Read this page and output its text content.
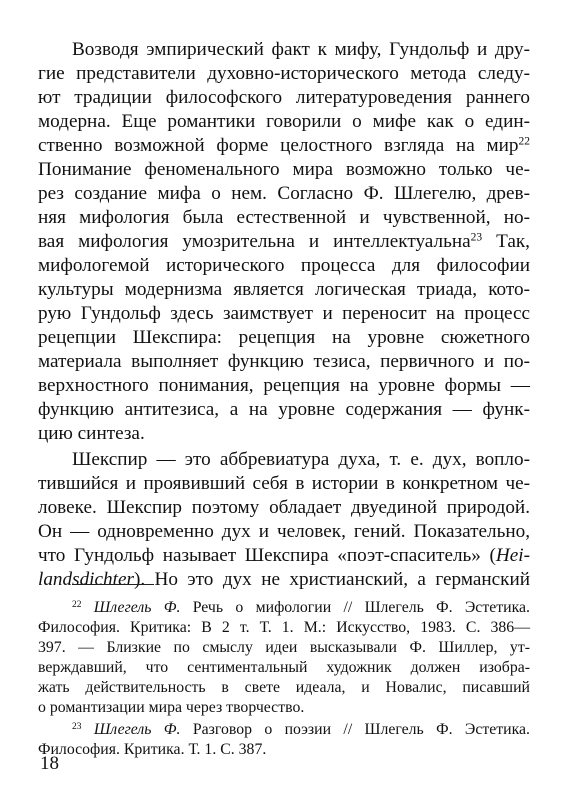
Возводя эмпирический факт к мифу, Гундольф и дру-
гие представители духовно-исторического метода следу-
ют традиции философского литературоведения раннего
модерна. Еще романтики говорили о мифе как о един-
ственно возможной форме целостного взгляда на мир$^{22}$
Понимание феноменального мира возможно только че-
рез создание мифа о нем. Согласно Ф. Шлегелю, древ-
няя мифология была естественной и чувственной, но-
вая мифология умозрительна и интеллектуальна$^{23}$ Так,
мифологемой исторического процесса для философии
культуры модернизма является логическая триада, кото-
рую Гундольф здесь заимствует и переносит на процесс
рецепции Шекспира: рецепция на уровне сюжетного
материала выполняет функцию тезиса, первичного и по-
верхностного понимания, рецепция на уровне формы —
функцию антитезиса, а на уровне содержания — функ-
цию синтеза.
Шекспир — это аббревиатура духа, т. е. дух, вопло-
тившийся и проявивший себя в истории в конкретном че-
ловеке. Шекспир поэтому обладает двуединой природой.
Он — одновременно дух и человек, гений. Показательно,
что Гундольф называет Шекспира «поэт-спаситель» (Hei-
landsdichter). Но это дух не христианский, а германский
$^{22}$ Шлегель Ф. Речь о мифологии // Шлегель Ф. Эстетика.
Философия. Критика: В 2 т. Т. 1. М.: Искусство, 1983. С. 386—
397. — Близкие по смыслу идеи высказывали Ф. Шиллер, ут-
верждавший, что сентиментальный художник должен изобра-
жать действительность в свете идеала, и Новалис, писавший
о романтизации мира через творчество.
$^{23}$ Шлегель Ф. Разговор о поэзии // Шлегель Ф. Эстетика.
Философия. Критика. Т. 1. С. 387.
18
